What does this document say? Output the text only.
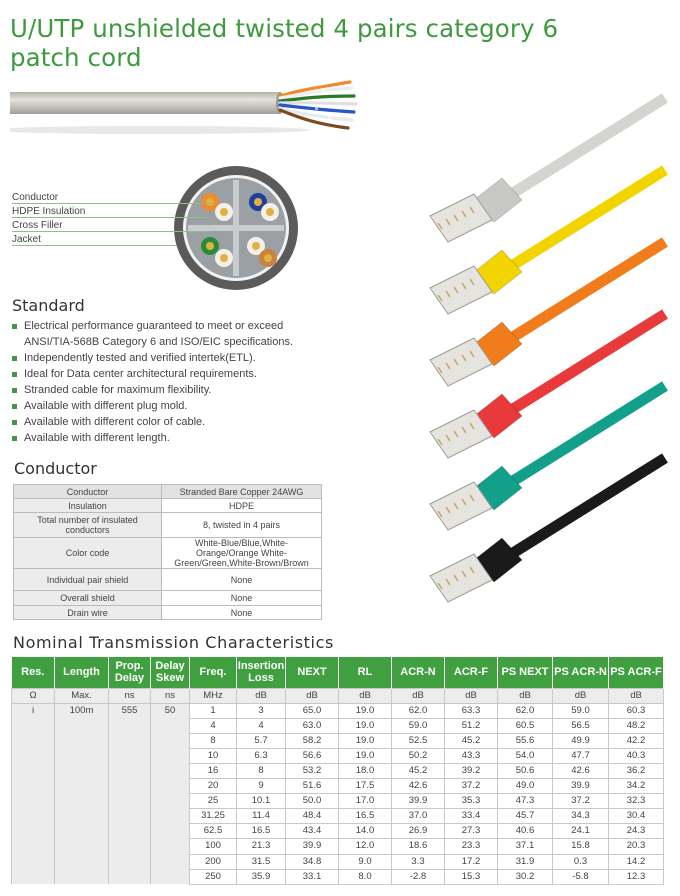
U/UTP unshielded twisted 4 pairs category 6
patch cord
Conductor
HDPE Insulation
Cross Filler
Jacket
Standard
Electrical performance guaranteed to meet or exceed ANSI/TIA-568B Category 6 and ISO/EIC specifications.
Independently tested and verified intertek(ETL).
Ideal for Data center architectural requirements.
Stranded cable for maximum flexibility.
Available with different plug mold.
Available with different color of cable.
Available with different length.
Conductor
Conductor	Stranded Bare Copper 24AWG
Insulation	HDPE
Total number of insulated conductors	8, twisted in 4 pairs
Color code	White-Blue/Blue,White-Orange/Orange White-Green/Green,White-Brown/Brown
Individual pair shield	None
Overall shield	None
Drain wire	None
Nominal Transmission Characteristics
Res.	Length	Prop. Delay	Delay Skew	Freq.	Insertion Loss	NEXT	RL	ACR-N	ACR-F	PS NEXT	PS ACR-N	PS ACR-F
Ω	Max.	ns	ns	MHz	dB	dB	dB	dB	dB	dB	dB	dB
i	100m	555	50	1	3	65.0	19.0	62.0	63.3	62.0	59.0	60.3
				4	4	63.0	19.0	59.0	51.2	60.5	56.5	48.2
				8	5.7	58.2	19.0	52.5	45.2	55.6	49.9	42.2
				10	6.3	56.6	19.0	50.2	43.3	54.0	47.7	40.3
				16	8	53.2	18.0	45.2	39.2	50.6	42.6	36.2
				20	9	51.6	17.5	42.6	37.2	49.0	39.9	34.2
				25	10.1	50.0	17.0	39.9	35.3	47.3	37.2	32.3
				31.25	11.4	48.4	16.5	37.0	33.4	45.7	34.3	30.4
				62.5	16.5	43.4	14.0	26.9	27.3	40.6	24.1	24.3
				100	21.3	39.9	12.0	18.6	23.3	37.1	15.8	20.3
				200	31.5	34.8	9.0	3.3	17.2	31.9	0.3	14.2
				250	35.9	33.1	8.0	-2.8	15.3	30.2	-5.8	12.3
